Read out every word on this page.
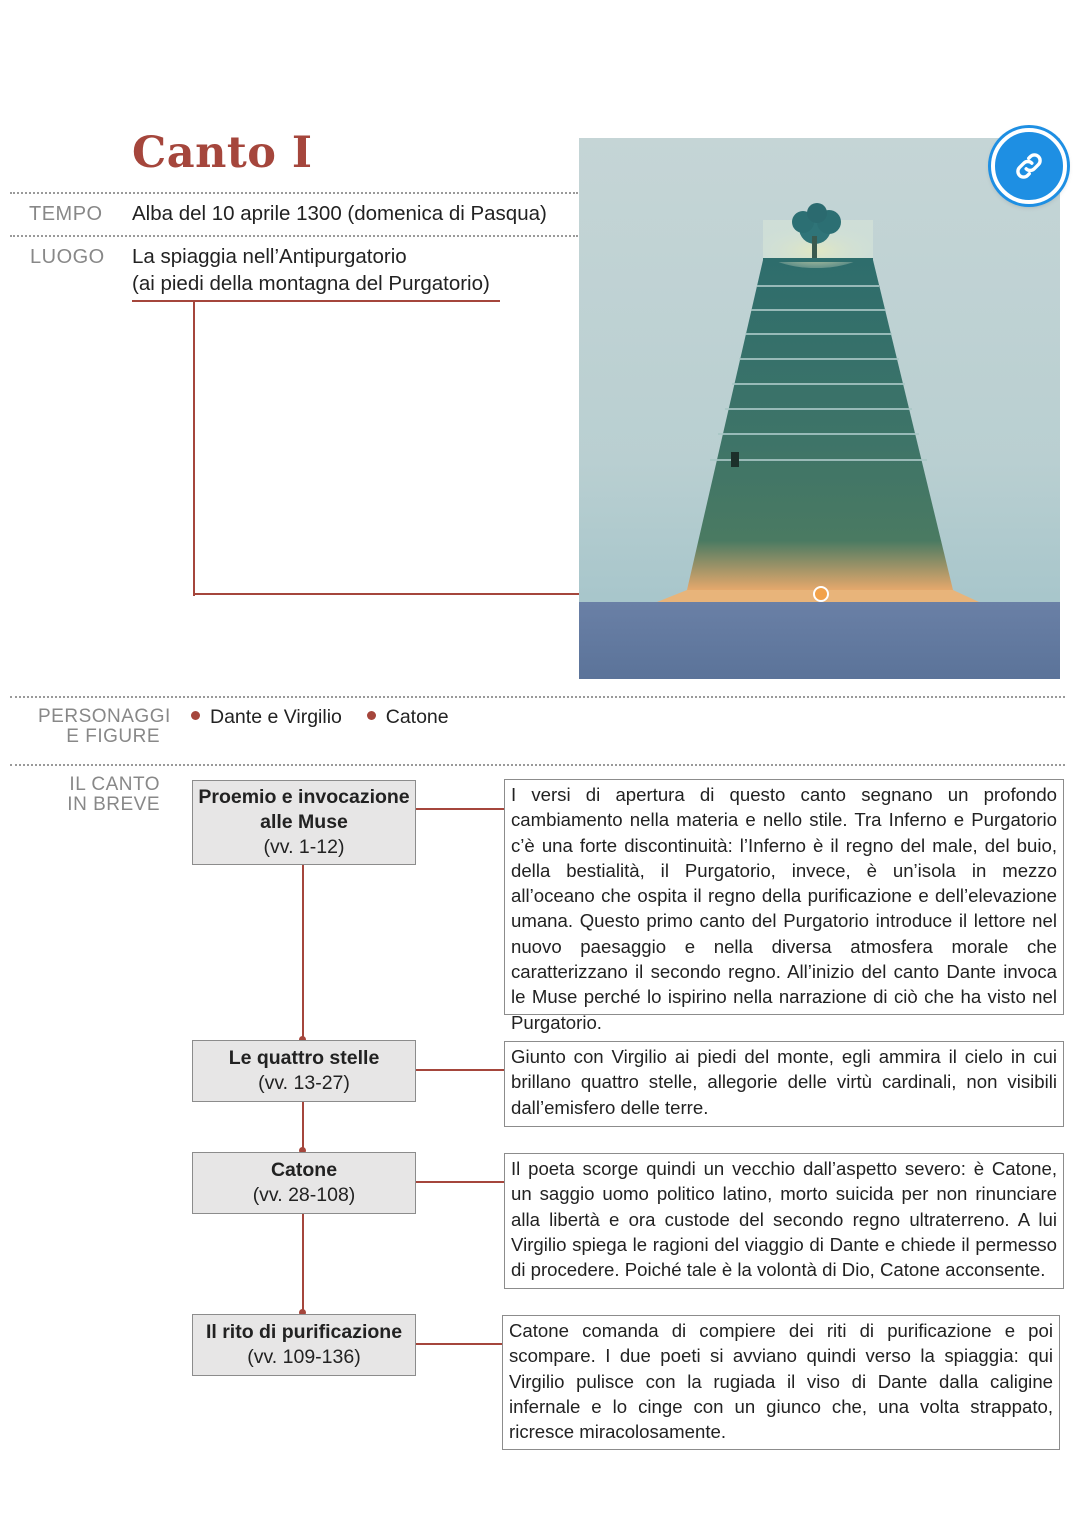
Canto I
TEMPO Alba del 10 aprile 1300 (domenica di Pasqua)
LUOGO La spiaggia nell’Antipurgatorio
(ai piedi della montagna del Purgatorio)
PERSONAGGI
E FIGURE
Dante e Virgilio Catone
IL CANTO
IN BREVE Proemio e invocazione
alle Muse
(vv. 1-12)
I versi di apertura di questo canto segnano un profondo cambiamento nella materia e nello stile. Tra Inferno e Purgatorio c’è una forte discontinuità: l’Inferno è il regno del male, del buio, della bestialità, il Purgatorio, invece, è un’isola in mezzo all’oceano che ospita il regno della purificazione e dell’elevazione umana. Questo primo canto del Purgatorio introduce il lettore nel nuovo paesaggio e nella diversa atmosfera morale che caratterizzano il secondo regno. All’inizio del canto Dante invoca le Muse perché lo ispirino nella narrazione di ciò che ha visto nel Purgatorio.
Le quattro stelle
(vv. 13-27)
Giunto con Virgilio ai piedi del monte, egli ammira il cielo in cui brillano quattro stelle, allegorie delle virtù cardinali, non visibili dall’emisfero delle terre.
Catone
(vv. 28-108)
Il poeta scorge quindi un vecchio dall’aspetto severo: è Catone, un saggio uomo politico latino, morto suicida per non rinunciare alla libertà e ora custode del secondo regno ultraterreno. A lui Virgilio spiega le ragioni del viaggio di Dante e chiede il permesso di procedere. Poiché tale è la volontà di Dio, Catone acconsente.
Il rito di purificazione
(vv. 109-136)
Catone comanda di compiere dei riti di purificazione e poi scompare. I due poeti si avviano quindi verso la spiaggia: qui Virgilio pulisce con la rugiada il viso di Dante dalla caligine infernale e lo cinge con un giunco che, una volta strappato, ricresce miracolosamente.
